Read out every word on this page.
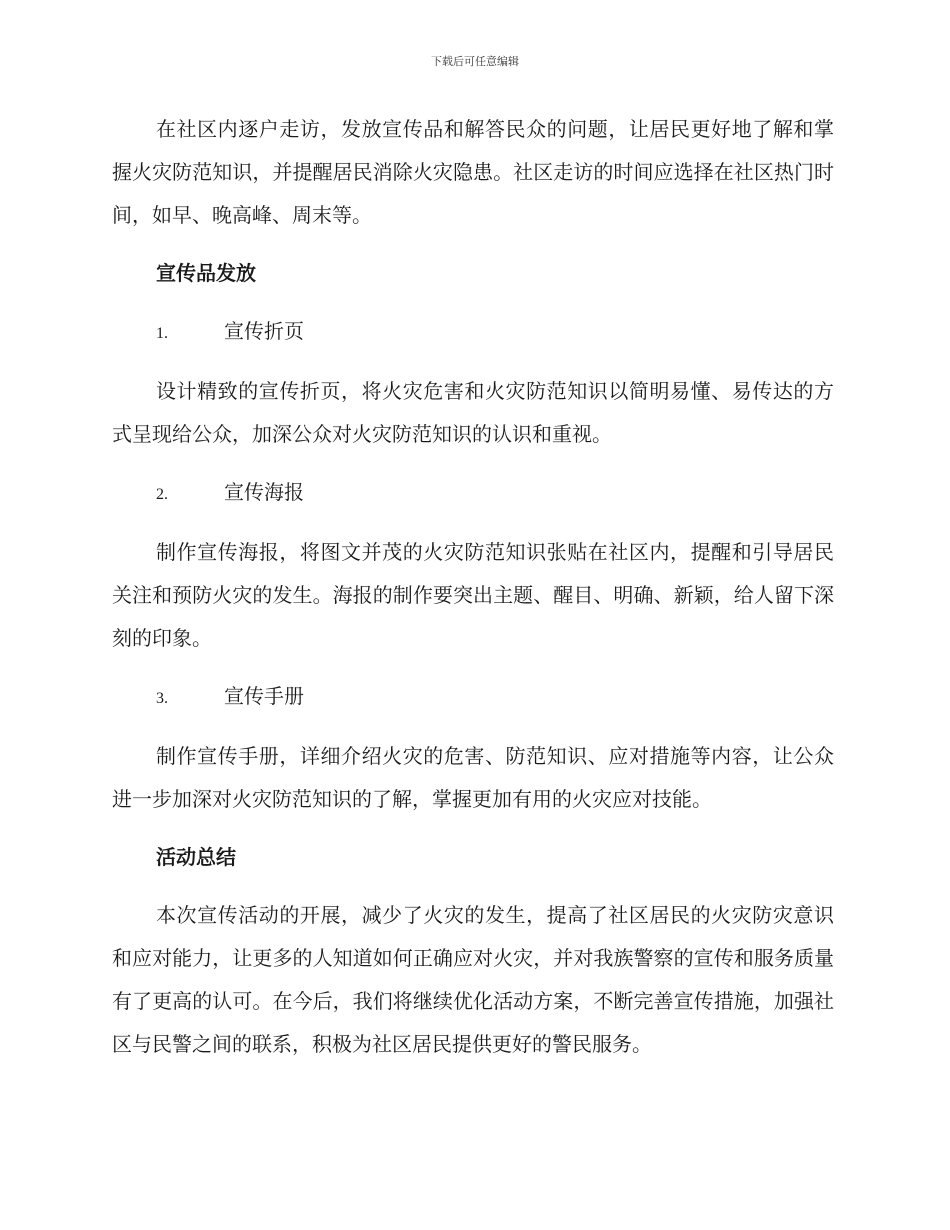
下载后可任意编辑

在社区内逐户走访，发放宣传品和解答民众的问题，让居民更好地了解和掌握火灾防范知识，并提醒居民消除火灾隐患。社区走访的时间应选择在社区热门时间，如早、晚高峰、周末等。

宣传品发放
1.	宣传折页

设计精致的宣传折页，将火灾危害和火灾防范知识以简明易懂、易传达的方式呈现给公众，加深公众对火灾防范知识的认识和重视。

2.	宣传海报

制作宣传海报，将图文并茂的火灾防范知识张贴在社区内，提醒和引导居民关注和预防火灾的发生。海报的制作要突出主题、醒目、明确、新颖，给人留下深刻的印象。

3.	宣传手册

制作宣传手册，详细介绍火灾的危害、防范知识、应对措施等内容，让公众进一步加深对火灾防范知识的了解，掌握更加有用的火灾应对技能。

活动总结

本次宣传活动的开展，减少了火灾的发生，提高了社区居民的火灾防灾意识和应对能力，让更多的人知道如何正确应对火灾，并对我族警察的宣传和服务质量有了更高的认可。在今后，我们将继续优化活动方案，不断完善宣传措施，加强社区与民警之间的联系，积极为社区居民提供更好的警民服务。
